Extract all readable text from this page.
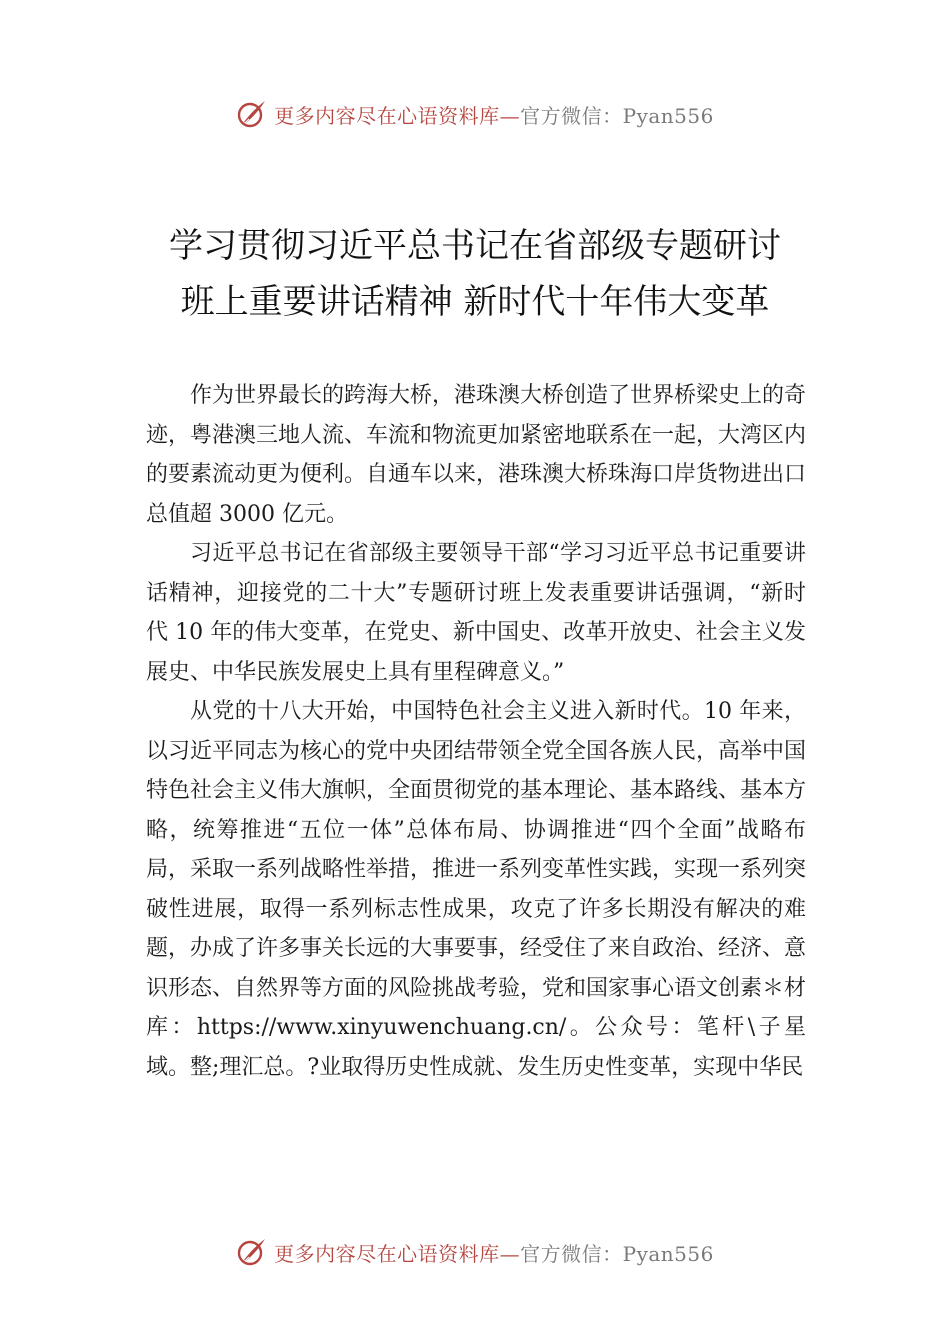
更多内容尽在心语资料库—官方微信：Pyan556
学习贯彻习近平总书记在省部级专题研讨
班上重要讲话精神 新时代十年伟大变革

作为世界最长的跨海大桥，港珠澳大桥创造了世界桥梁史上的奇迹，粤港澳三地人流、车流和物流更加紧密地联系在一起，大湾区内的要素流动更为便利。自通车以来，港珠澳大桥珠海口岸货物进出口总值超 3000 亿元。

习近平总书记在省部级主要领导干部“学习习近平总书记重要讲话精神，迎接党的二十大”专题研讨班上发表重要讲话强调，“新时代 10 年的伟大变革，在党史、新中国史、改革开放史、社会主义发展史、中华民族发展史上具有里程碑意义。”

从党的十八大开始，中国特色社会主义进入新时代。10 年来，以习近平同志为核心的党中央团结带领全党全国各族人民，高举中国特色社会主义伟大旗帜，全面贯彻党的基本理论、基本路线、基本方略，统筹推进“五位一体”总体布局、协调推进“四个全面”战略布局，采取一系列战略性举措，推进一系列变革性实践，实现一系列突破性进展，取得一系列标志性成果，攻克了许多长期没有解决的难题，办成了许多事关长远的大事要事，经受住了来自政治、经济、意识形态、自然界等方面的风险挑战考验，党和国家事心语文创素＊材库：https://www.xinyuwenchuang.cn/。公众号：笔杆\子星域。整;理汇总。?业取得历史性成就、发生历史性变革，实现中华民

更多内容尽在心语资料库—官方微信：Pyan556
